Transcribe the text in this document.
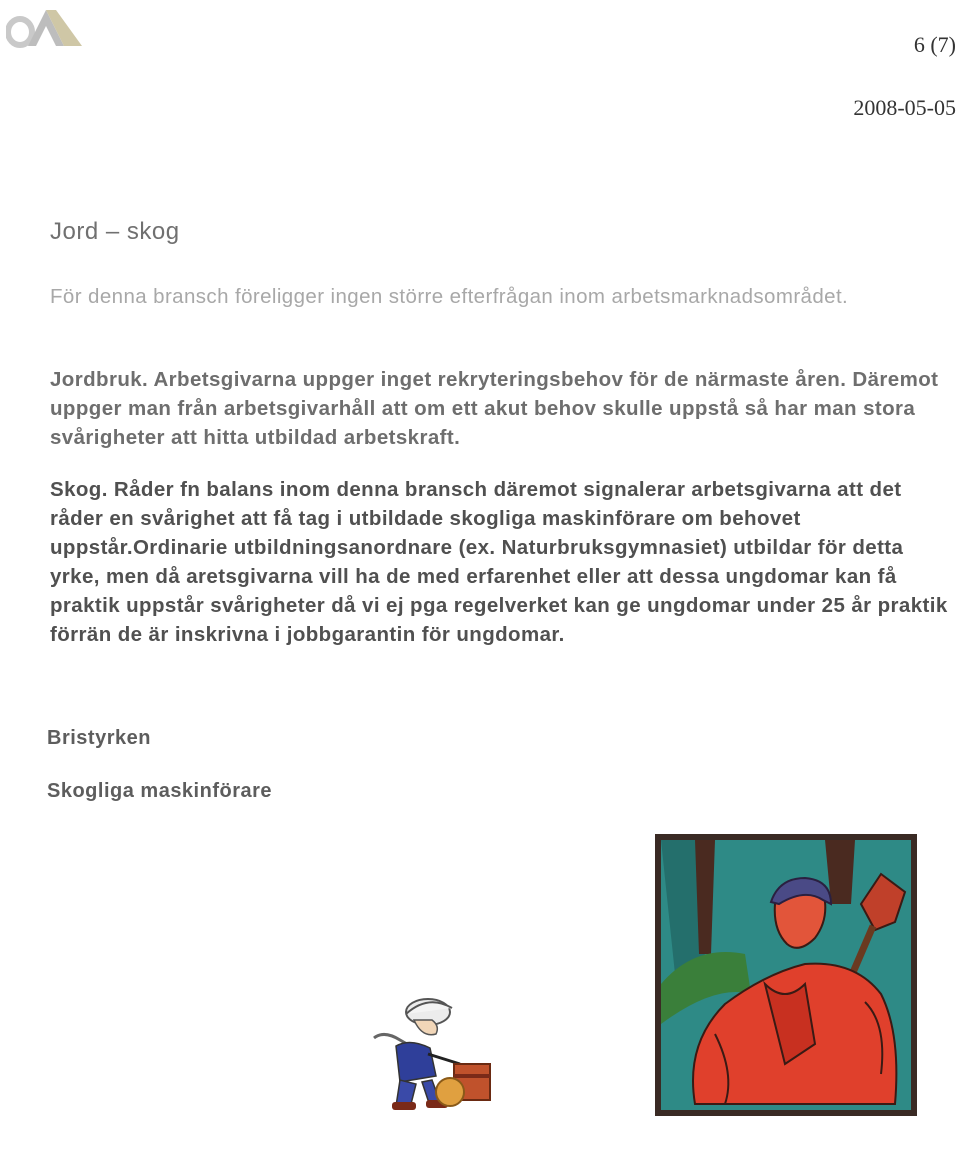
6 (7)
2008-05-05
Jord – skog
För denna bransch föreligger ingen större efterfrågan inom arbetsmarknadsområdet.
Jordbruk. Arbetsgivarna uppger inget rekryteringsbehov för de närmaste åren. Däremot uppger man från arbetsgivarhåll att om ett akut behov skulle uppstå så har man stora svårigheter att hitta utbildad arbetskraft.
Skog. Råder fn balans inom denna bransch däremot signalerar arbetsgivarna att det råder en svårighet att få tag i utbildade skogliga maskinförare om behovet uppstår.Ordinarie utbildningsanordnare (ex. Naturbruksgymnasiet) utbildar för detta yrke, men då aretsgivarna vill ha de med erfarenhet eller att dessa ungdomar kan få praktik uppstår svårigheter då vi ej pga regelverket kan ge ungdomar under 25 år praktik förrän de är inskrivna i jobbgarantin för ungdomar.
Bristyrken
Skogliga maskinförare
